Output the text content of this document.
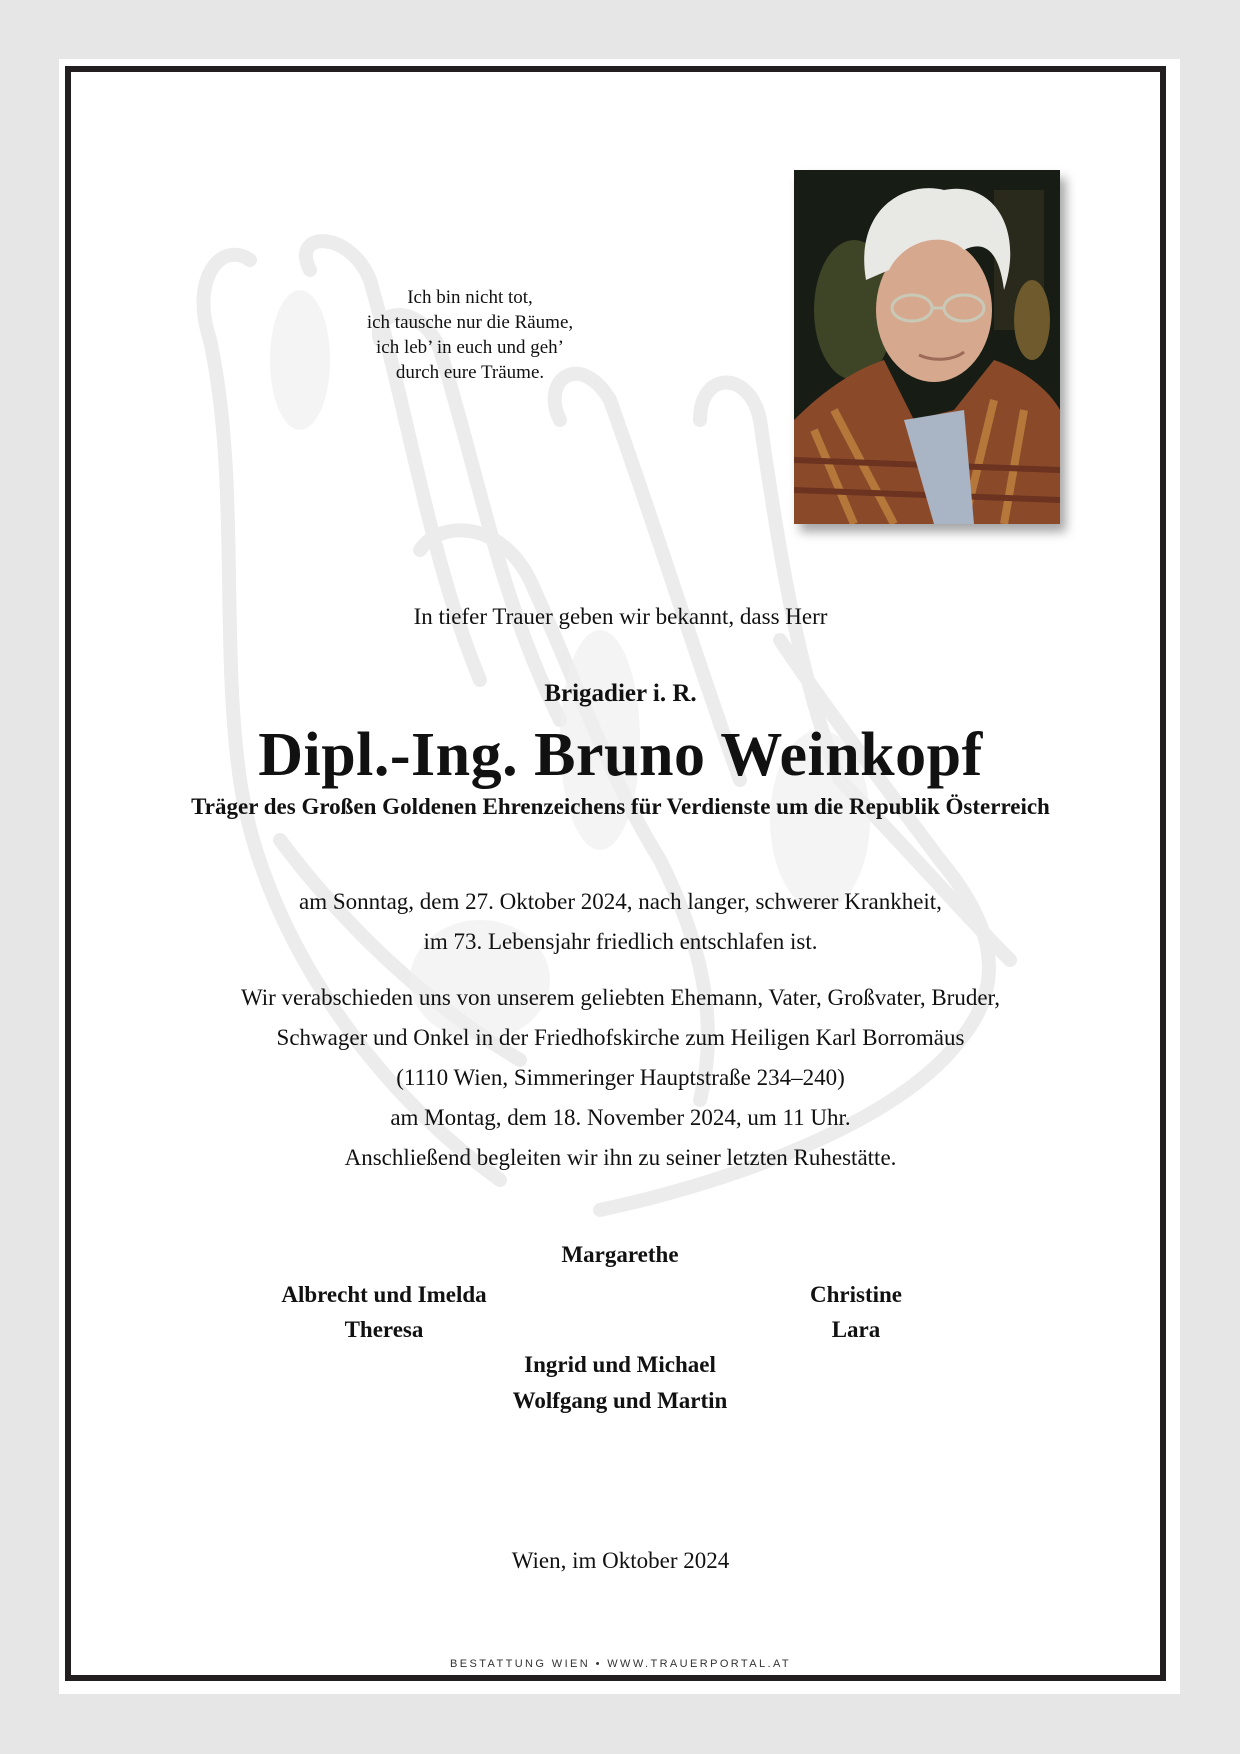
Ich bin nicht tot,
ich tausche nur die Räume,
ich leb’ in euch und geh’
durch eure Träume.
In tiefer Trauer geben wir bekannt, dass Herr
Brigadier i. R.
Dipl.-Ing. Bruno Weinkopf
Träger des Großen Goldenen Ehrenzeichens für Verdienste um die Republik Österreich
am Sonntag, dem 27. Oktober 2024, nach langer, schwerer Krankheit,
im 73. Lebensjahr friedlich entschlafen ist.
Wir verabschieden uns von unserem geliebten Ehemann, Vater, Großvater, Bruder,
Schwager und Onkel in der Friedhofskirche zum Heiligen Karl Borromäus
(1110 Wien, Simmeringer Hauptstraße 234–240)
am Montag, dem 18. November 2024, um 11 Uhr.
Anschließend begleiten wir ihn zu seiner letzten Ruhestätte.
Margarethe
Albrecht und Imelda
Theresa
Christine
Lara
Ingrid und Michael
Wolfgang und Martin
Wien, im Oktober 2024
BESTATTUNG WIEN • WWW.TRAUERPORTAL.AT
